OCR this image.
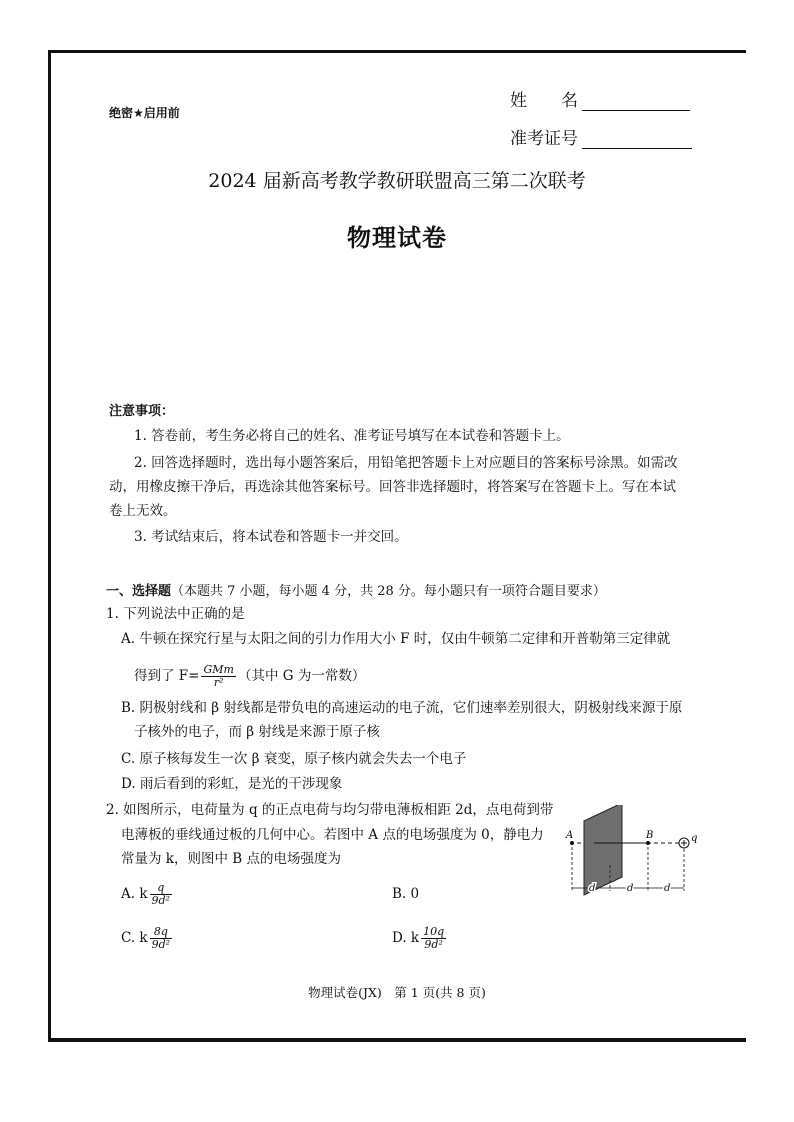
绝密★启用前
姓　　名
准考证号
2024 届新高考教学教研联盟高三第二次联考
物理试卷
注意事项：
1. 答卷前，考生务必将自己的姓名、准考证号填写在本试卷和答题卡上。
2. 回答选择题时，选出每小题答案后，用铅笔把答题卡上对应题目的答案标号涂黑。如需改
动，用橡皮擦干净后，再选涂其他答案标号。回答非选择题时，将答案写在答题卡上。写在本试
卷上无效。
3. 考试结束后，将本试卷和答题卡一并交回。
一、选择题（本题共 7 小题，每小题 4 分，共 28 分。每小题只有一项符合题目要求）
1. 下列说法中正确的是
A. 牛顿在探究行星与太阳之间的引力作用大小 F 时，仅由牛顿第二定律和开普勒第三定律就
得到了 $F= \frac{\text{GMm}}{\text{r²}}$ （其中 G 为一常数）
B. 阴极射线和 β 射线都是带负电的高速运动的电子流，它们速率差别很大，阴极射线来源于原
子核外的电子，而 β 射线是来源于原子核
C. 原子核每发生一次 β 衰变，原子核内就会失去一个电子
D. 雨后看到的彩虹，是光的干涉现象
2. 如图所示，电荷量为 q 的正点电荷与均匀带电薄板相距 2d，点电荷到带
电薄板的垂线通过板的几何中心。若图中 A 点的电场强度为 0，静电力
常量为 k，则图中 B 点的电场强度为
A. k $\frac{q}{\text{9d²}}$	B. 0
C. k $\frac{8q}{\text{9d²}}$	D. k $\frac{10q}{\text{9d²}}$
A	B	q
d	d	d
物理试卷(JX)　第 1 页(共 8 页)
